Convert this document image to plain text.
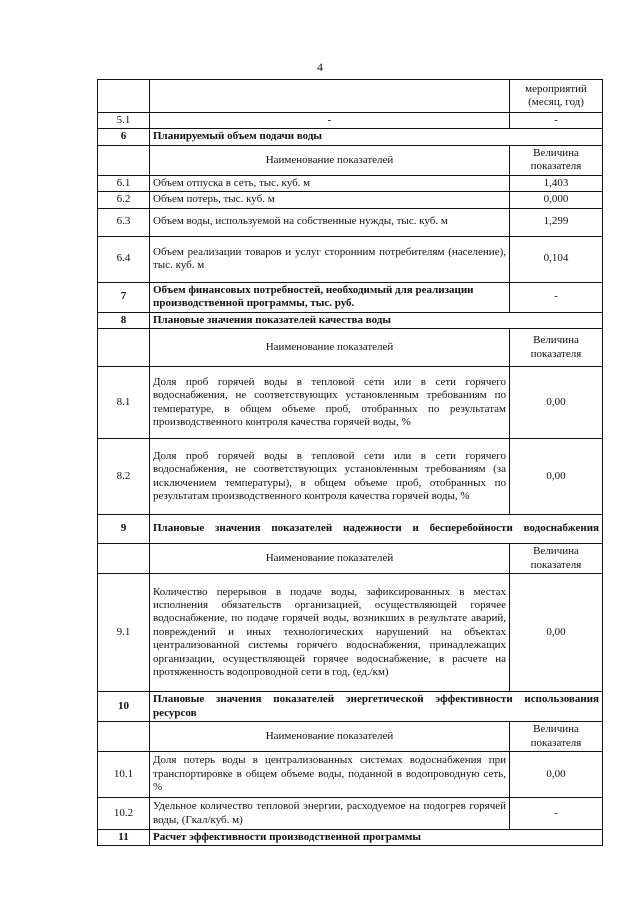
4
		мероприятий (месяц, год)
5.1	-	-
6	Планируемый объем подачи воды	
	Наименование показателей	Величина показателя
6.1	Объем отпуска в сеть, тыс. куб. м	1,403
6.2	Объем потерь, тыс. куб. м	0,000
6.3	Объем воды, используемой на собственные нужды, тыс. куб. м	1,299
6.4	Объем реализации товаров и услуг сторонним потребителям (население), тыс. куб. м	0,104
7	Объем финансовых потребностей, необходимый для реализации производственной программы, тыс. руб.	-
8	Плановые значения показателей качества воды	
	Наименование показателей	Величина показателя
8.1	Доля проб горячей воды в тепловой сети или в сети горячего водоснабжения, не соответствующих установленным требованиям по температуре, в общем объеме проб, отобранных по результатам производственного контроля качества горячей воды, %	0,00
8.2	Доля проб горячей воды в тепловой сети или в сети горячего водоснабжения, не соответствующих установленным требованиям (за исключением температуры), в общем объеме проб, отобранных по результатам производственного контроля качества горячей воды, %	0,00
9	Плановые значения показателей надежности и бесперебойности водоснабжения	
	Наименование показателей	Величина показателя
9.1	Количество перерывов в подаче воды, зафиксированных в местах исполнения обязательств организацией, осуществляющей горячее водоснабжение, по подаче горячей воды, возникших в результате аварий, повреждений и иных технологических нарушений на объектах централизованной системы горячего водоснабжения, принадлежащих организации, осуществляющей горячее водоснабжение, в расчете на протяженность водопроводной сети в год, (ед./км)	0,00
10	Плановые значения показателей энергетической эффективности использования ресурсов	
	Наименование показателей	Величина показателя
10.1	Доля потерь воды в централизованных системах водоснабжения при транспортировке в общем объеме воды, поданной в водопроводную сеть, %	0,00
10.2	Удельное количество тепловой энергии, расходуемое на подогрев горячей воды, (Гкал/куб. м)	-
11	Расчет эффективности производственной программы	
